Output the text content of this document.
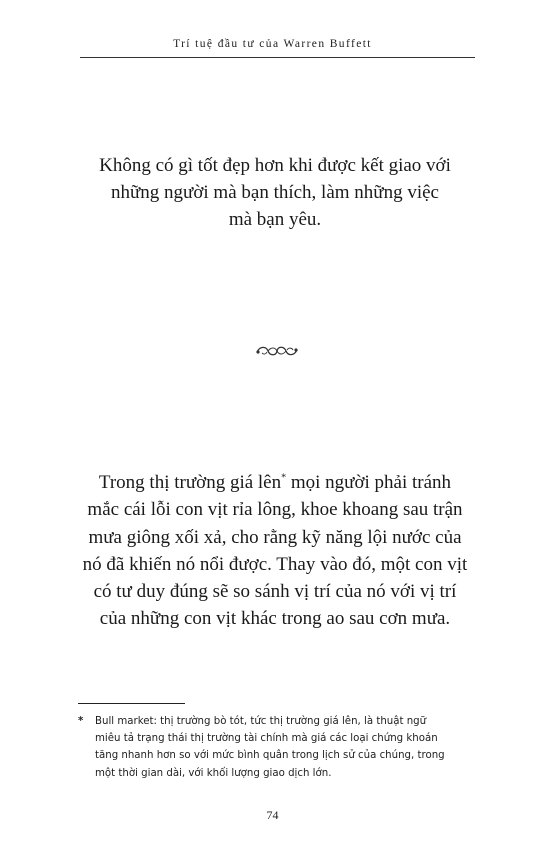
Trí tuệ đầu tư của Warren Buffett
Không có gì tốt đẹp hơn khi được kết giao với
những người mà bạn thích, làm những việc
mà bạn yêu.
Trong thị trường giá lên* mọi người phải tránh
mắc cái lỗi con vịt rỉa lông, khoe khoang sau trận
mưa giông xối xả, cho rằng kỹ năng lội nước của
nó đã khiến nó nổi được. Thay vào đó, một con vịt
có tư duy đúng sẽ so sánh vị trí của nó với vị trí
của những con vịt khác trong ao sau cơn mưa.
* Bull market: thị trường bò tót, tức thị trường giá lên, là thuật ngữ
miêu tả trạng thái thị trường tài chính mà giá các loại chứng khoán
tăng nhanh hơn so với mức bình quân trong lịch sử của chúng, trong
một thời gian dài, với khối lượng giao dịch lớn.
74
